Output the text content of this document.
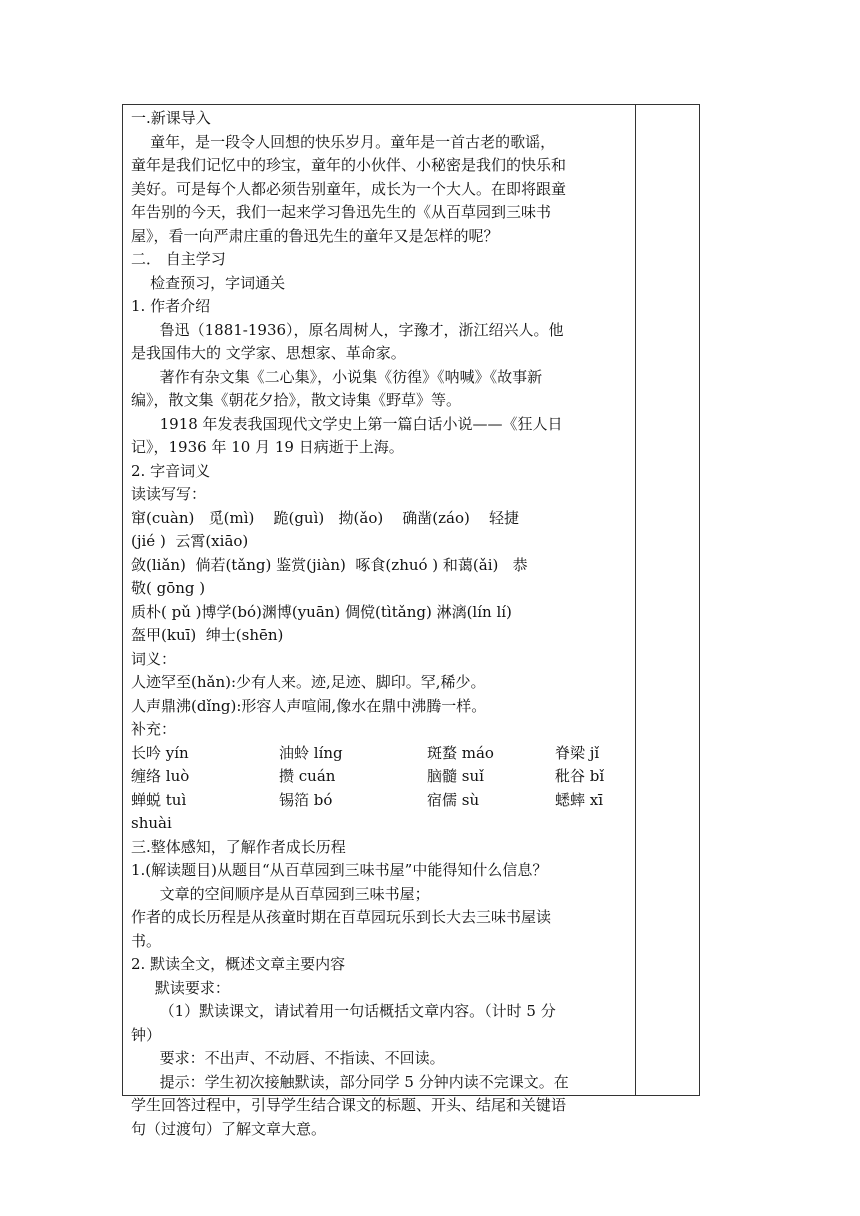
一.新课导入
童年，是一段令人回想的快乐岁月。童年是一首古老的歌谣，
童年是我们记忆中的珍宝，童年的小伙伴、小秘密是我们的快乐和
美好。可是每个人都必须告别童年，成长为一个大人。在即将跟童
年告别的今天，我们一起来学习鲁迅先生的《从百草园到三味书
屋》，看一向严肃庄重的鲁迅先生的童年又是怎样的呢？
二． 自主学习
检查预习，字词通关
1. 作者介绍
鲁迅（1881-1936），原名周树人，字豫才，浙江绍兴人。他
是我国伟大的 文学家、思想家、革命家。
著作有杂文集《二心集》，小说集《彷徨》《呐喊》《故事新
编》，散文集《朝花夕拾》，散文诗集《野草》等。
1918 年发表我国现代文学史上第一篇白话小说——《狂人日
记》，1936 年 10 月 19 日病逝于上海。
2. 字音词义
读读写写：
窜(cuàn)   觅(mì)    跪(guì)   拗(ǎo)    确凿(záo)    轻捷
(jié )  云霄(xiāo)
敛(liǎn)  倘若(tǎng) 鉴赏(jiàn)  啄食(zhuó ) 和蔼(ǎi)   恭
敬( gōng )
质朴( pǔ )博学(bó)渊博(yuān) 倜傥(tìtǎng) 淋漓(lín lí)
盔甲(kuī)  绅士(shēn)
词义：
人迹罕至(hǎn):少有人来。迹,足迹、脚印。罕,稀少。
人声鼎沸(dǐng):形容人声喧闹,像水在鼎中沸腾一样。
补充：
长吟 yín	油蛉 líng	斑蝥 máo	脊梁 jǐ
缠络 luò	攒 cuán	脑髓 suǐ	秕谷 bǐ
蝉蜕 tuì	锡箔 bó	宿儒 sù	蟋蟀 xī
shuài
三.整体感知，了解作者成长历程
1.(解读题目)从题目“从百草园到三味书屋”中能得知什么信息？
文章的空间顺序是从百草园到三味书屋；
作者的成长历程是从孩童时期在百草园玩乐到长大去三味书屋读
书。
2. 默读全文，概述文章主要内容
默读要求：
（1）默读课文，请试着用一句话概括文章内容。（计时 5 分
钟）
要求：不出声、不动唇、不指读、不回读。
提示：学生初次接触默读，部分同学 5 分钟内读不完课文。在
学生回答过程中，引导学生结合课文的标题、开头、结尾和关键语
句（过渡句）了解文章大意。
